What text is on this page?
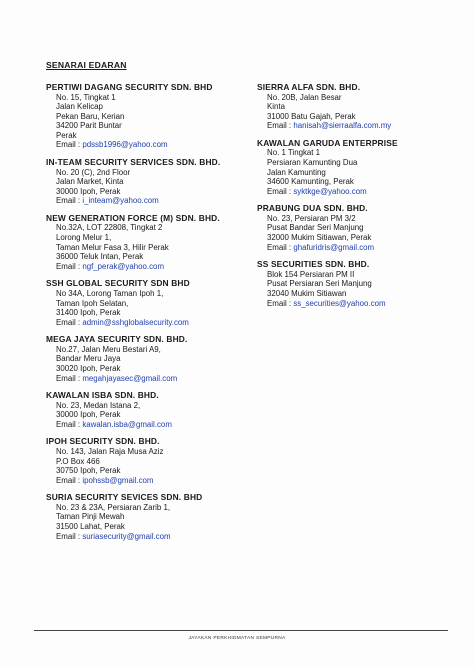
SENARAI EDARAN

PERTIWI DAGANG SECURITY SDN. BHD

No. 15, Tingkat 1

Jalan Kelicap

Pekan Baru, Kerian

34200 Parit Buntar

Perak

Email : pdssb1996@yahoo.com

IN-TEAM SECURITY SERVICES SDN. BHD.

No. 20 (C), 2nd Floor

Jalan Market, Kinta

30000 Ipoh, Perak

Email : i_inteam@yahoo.com

NEW GENERATION FORCE (M) SDN. BHD.

No.32A, LOT 22808, Tingkat 2

Lorong Melur 1,

Taman Melur Fasa 3, Hilir Perak

36000 Teluk Intan, Perak

Email : ngf_perak@yahoo.com

SSH GLOBAL SECURITY SDN BHD

No 34A, Lorong Taman Ipoh 1,

Taman Ipoh Selatan,

31400 Ipoh, Perak

Email : admin@sshglobalsecurity.com

MEGA JAYA SECURITY SDN. BHD.

No.27, Jalan Meru Bestari A9,

Bandar Meru Jaya

30020 Ipoh, Perak

Email : megahjayasec@gmail.com

KAWALAN ISBA SDN. BHD.

No. 23, Medan Istana 2,

30000 Ipoh, Perak

Email : kawalan.isba@gmail.com

IPOH SECURITY SDN. BHD.

No. 143, Jalan Raja Musa Aziz

P.O Box 466

30750 Ipoh, Perak

Email : ipohssb@gmail.com

SURIA SECURITY SEVICES SDN. BHD

No. 23 & 23A, Persiaran Zarib 1,

Taman Pinji Mewah

31500 Lahat, Perak

Email : suriasecurity@gmail.com

SIERRA ALFA SDN. BHD.

No. 20B, Jalan Besar

Kinta

31000 Batu Gajah, Perak

Email : hanisah@sierraalfa.com.my

KAWALAN GARUDA ENTERPRISE

No. 1 Tingkat 1

Persiaran Kamunting Dua

Jalan Kamunting

34600 Kamunting, Perak

Email : syktkge@yahoo.com

PRABUNG DUA SDN. BHD.

No. 23, Persiaran PM 3/2

Pusat Bandar Seri Manjung

32000 Mukim Sitiawan, Perak

Email : ghafuridris@gmail.com

SS SECURITIES SDN. BHD.

Blok 154 Persiaran PM II

Pusat Persiaran Seri Manjung

32040 Mukim Sitiawan

Email : ss_securities@yahoo.com

JAYAKAN PERKHIDMATAN SEMPURNA
